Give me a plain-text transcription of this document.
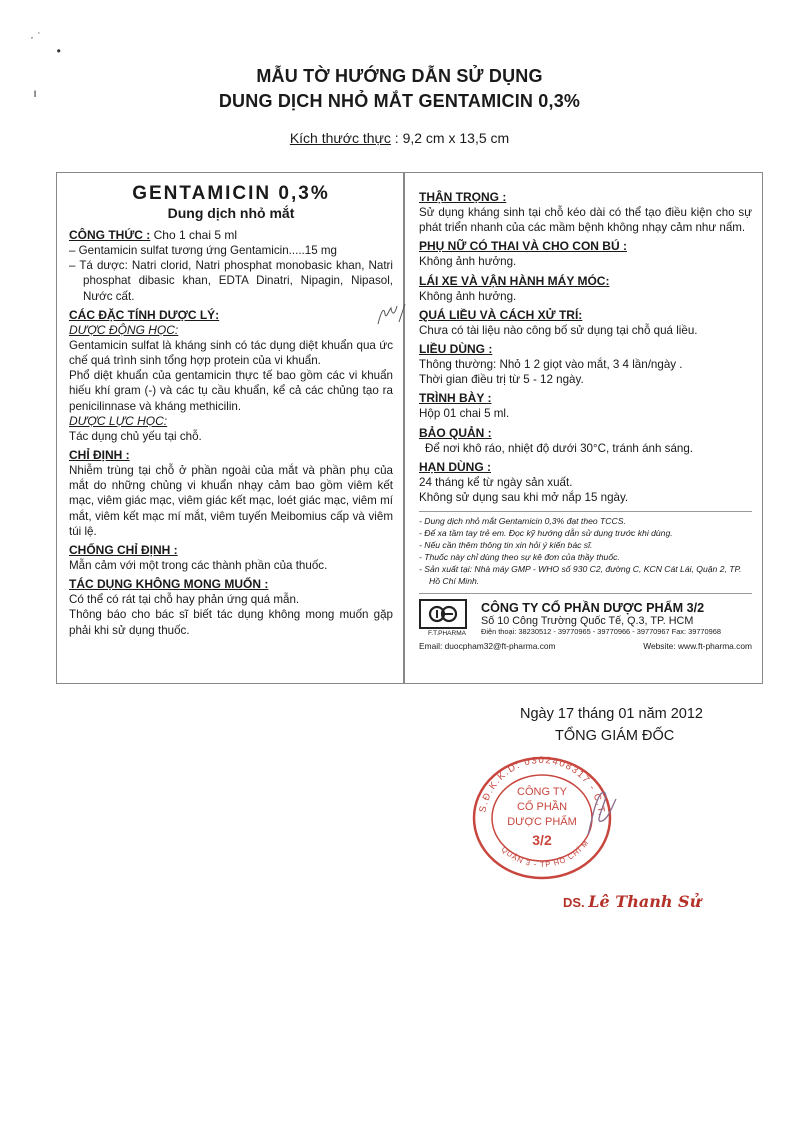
· ˙
•

ı
MẪU TỜ HƯỚNG DẪN SỬ DỤNG
DUNG DỊCH NHỎ MẮT GENTAMICIN 0,3%
Kích thước thực : 9,2 cm x 13,5 cm
GENTAMICIN 0,3%
Dung dịch nhỏ mắt
CÔNG THỨC : Cho 1 chai 5 ml
– Gentamicin sulfat tương ứng Gentamicin.....15 mg
– Tá dược: Natri clorid, Natri phosphat monobasic khan, Natri phosphat dibasic khan, EDTA Dinatri, Nipagin, Nipasol, Nước cất.
CÁC ĐẶC TÍNH DƯỢC LÝ:
DƯỢC ĐỘNG HỌC:
Gentamicin sulfat là kháng sinh có tác dụng diệt khuẩn qua ức chế quá trình sinh tổng hợp protein của vi khuẩn.
Phổ diệt khuẩn của gentamicin thực tế bao gồm các vi khuẩn hiếu khí gram (-) và các tụ cầu khuẩn, kể cả các chủng tạo ra penicilinnase và kháng methicilin.
DƯỢC LỰC HỌC:
Tác dụng chủ yếu tại chỗ.
CHỈ ĐỊNH :
Nhiễm trùng tại chỗ ở phần ngoài của mắt và phần phụ của mắt do những chủng vi khuẩn nhạy cảm bao gồm viêm kết mạc, viêm giác mạc, viêm giác kết mạc, loét giác mạc, viêm mí mắt, viêm kết mạc mí mắt, viêm tuyến Meibomius cấp và viêm túi lệ.
CHỐNG CHỈ ĐỊNH :
Mẫn cảm với một trong các thành phần của thuốc.
TÁC DỤNG KHÔNG MONG MUỐN :
Có thể có rát tại chỗ hay phản ứng quá mẫn.
Thông báo cho bác sĩ biết tác dụng không mong muốn gặp phải khi sử dụng thuốc.
THẬN TRỌNG :
Sử dụng kháng sinh tại chỗ kéo dài có thể tạo điều kiện cho sự phát triển nhanh của các mầm bệnh không nhạy cảm như nấm.
PHỤ NỮ CÓ THAI VÀ CHO CON BÚ :
Không ảnh hưởng.
LÁI XE VÀ VẬN HÀNH MÁY MÓC:
Không ảnh hưởng.
QUÁ LIỀU VÀ CÁCH XỬ TRÍ:
Chưa có tài liệu nào công bố sử dụng tại chỗ quá liều.
LIỀU DÙNG :
Thông thường: Nhỏ 1 2 giọt vào mắt, 3 4 lần/ngày .
Thời gian điều trị từ 5 - 12 ngày.
TRÌNH BÀY :
Hộp 01 chai 5 ml.
BẢO QUẢN :
Để nơi khô ráo, nhiệt độ dưới 30°C, tránh ánh sáng.
HẠN DÙNG :
24 tháng kể từ ngày sản xuất.
Không sử dụng sau khi mở nắp 15 ngày.
- Dung dịch nhỏ mắt Gentamicin 0,3% đạt theo TCCS.
- Để xa tầm tay trẻ em. Đọc kỹ hướng dẫn sử dụng trước khi dùng.
- Nếu cần thêm thông tin xin hỏi ý kiến bác sĩ.
- Thuốc này chỉ dùng theo sự kê đơn của thầy thuốc.
- Sản xuất tại: Nhà máy GMP - WHO số 930 C2, đường C, KCN Cát Lái, Quận 2, TP. Hồ Chí Minh.
F.T.PHARMA
CÔNG TY CỔ PHẦN DƯỢC PHẨM 3/2
Số 10 Công Trường Quốc Tế, Q.3, TP. HCM
Điện thoại: 38230512 - 39770965 - 39770966 - 39770967 Fax: 39770968
Email: duocpham32@ft-pharma.com	Website: www.ft-pharma.com
Ngày 17 tháng 01 năm 2012
TỔNG GIÁM ĐỐC
S.Đ.K.K.D: 0302408317 - C.T.
QUẬN 3 - TP HỒ CHÍ M
CÔNG TY
CỔ PHẦN
DƯỢC PHẨM
3/2
DS. Lê Thanh Sử
